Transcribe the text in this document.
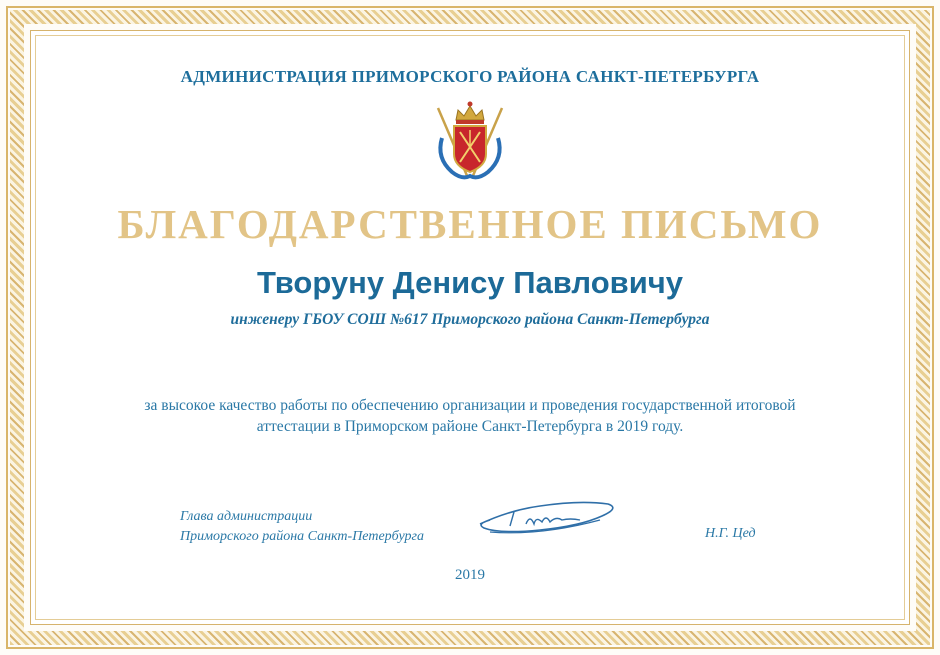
АДМИНИСТРАЦИЯ ПРИМОРСКОГО РАЙОНА САНКТ-ПЕТЕРБУРГА
БЛАГОДАРСТВЕННОЕ ПИСЬМО
Творуну Денису Павловичу
инженеру ГБОУ СОШ №617 Приморского района Санкт-Петербурга
за высокое качество работы по обеспечению организации и проведения государственной итоговой
аттестации в Приморском районе Санкт-Петербурга в 2019 году.
Глава администрации
Приморского района Санкт-Петербурга	Н.Г. Цед
2019
